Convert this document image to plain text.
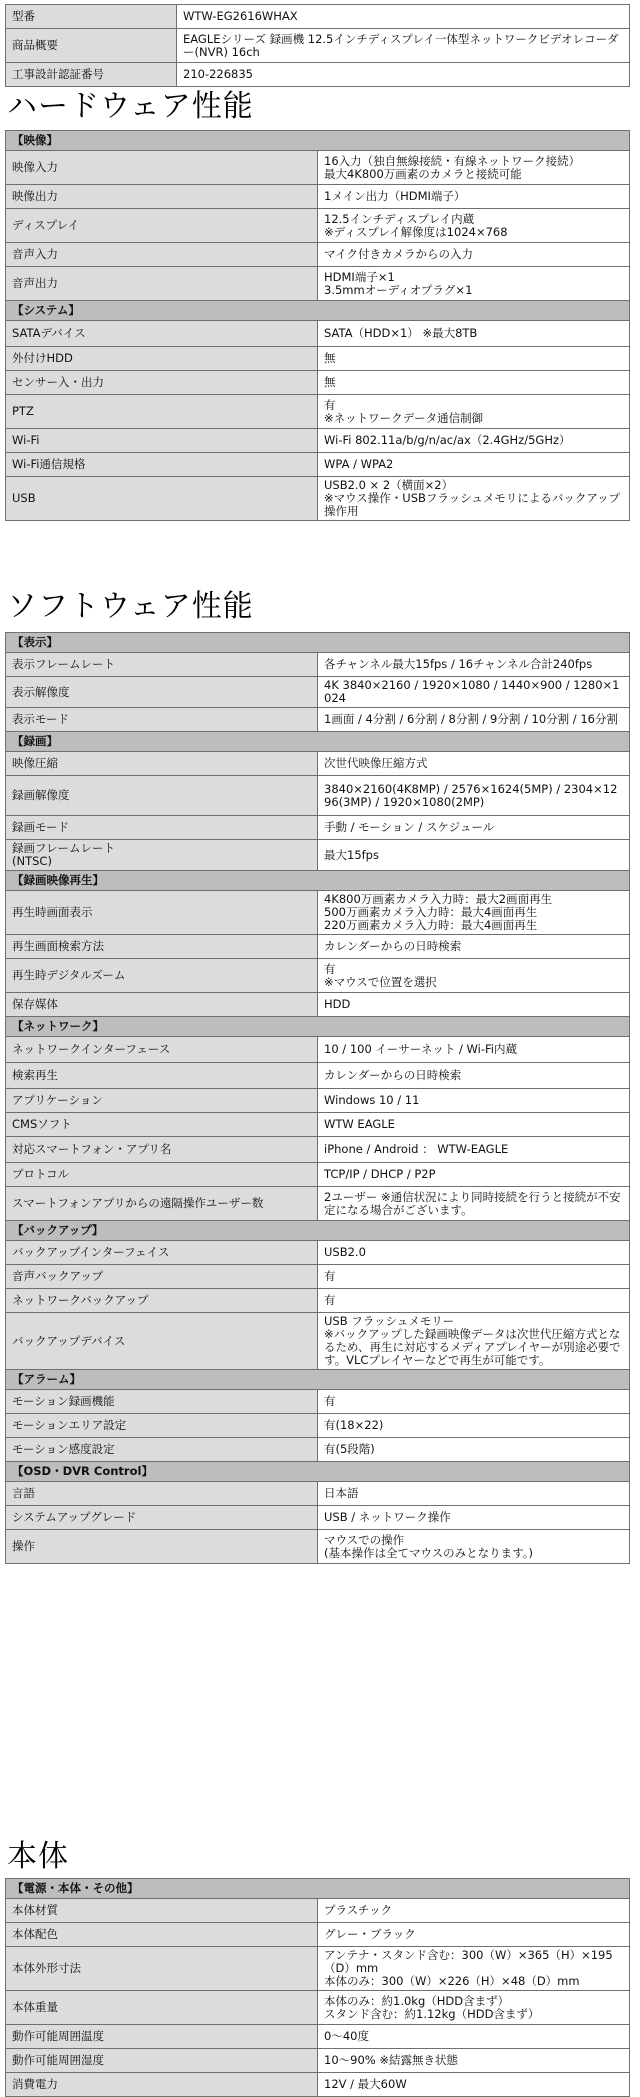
型番	WTW-EG2616WHAX
商品概要	EAGLEシリーズ 録画機 12.5インチディスプレイ一体型ネットワークビデオレコーダー(NVR) 16ch
工事設計認証番号	210-226835
ハードウェア性能
【映像】	
映像入力	16入力（独自無線接続・有線ネットワーク接続）
最大4K800万画素のカメラと接続可能
映像出力	1メイン出力（HDMI端子）
ディスプレイ	12.5インチディスプレイ内蔵
※ディスプレイ解像度は1024×768
音声入力	マイク付きカメラからの入力
音声出力	HDMI端子×1
3.5mmオーディオプラグ×1
【システム】	
SATAデバイス	SATA（HDD×1） ※最大8TB
外付けHDD	無
センサー入・出力	無
PTZ	有
※ネットワークデータ通信制御
Wi-Fi	Wi-Fi 802.11a/b/g/n/ac/ax（2.4GHz/5GHz）
Wi-Fi通信規格	WPA / WPA2
USB	USB2.0 × 2（横面×2）
※マウス操作・USBフラッシュメモリによるバックアップ操作用
ソフトウェア性能
【表示】	
表示フレームレート	各チャンネル最大15fps / 16チャンネル合計240fps
表示解像度	4K 3840×2160 / 1920×1080 / 1440×900 / 1280×1024
表示モード	1画面 / 4分割 / 6分割 / 8分割 / 9分割 / 10分割 / 16分割
【録画】	
映像圧縮	次世代映像圧縮方式
録画解像度	3840×2160(4K8MP) / 2576×1624(5MP) / 2304×1296(3MP) / 1920×1080(2MP)
録画モード	手動 / モーション / スケジュール
録画フレームレート
(NTSC)	最大15fps
【録画映像再生】	
再生時画面表示	4K800万画素カメラ入力時：最大2画面再生
500万画素カメラ入力時：最大4画面再生
220万画素カメラ入力時：最大4画面再生
再生画面検索方法	カレンダーからの日時検索
再生時デジタルズーム	有
※マウスで位置を選択
保存媒体	HDD
【ネットワーク】	
ネットワークインターフェース	10 / 100 イーサーネット / Wi-Fi内蔵
検索再生	カレンダーからの日時検索
アプリケーション	Windows 10 / 11
CMSソフト	WTW EAGLE
対応スマートフォン・アプリ名	iPhone / Android ： WTW-EAGLE
プロトコル	TCP/IP / DHCP / P2P
スマートフォンアプリからの遠隔操作ユーザー数	2ユーザー ※通信状況により同時接続を行うと接続が不安定になる場合がございます。
【バックアップ】	
バックアップインターフェイス	USB2.0
音声バックアップ	有
ネットワークバックアップ	有
バックアップデバイス	USB フラッシュメモリー
※バックアップした録画映像データは次世代圧縮方式となるため、再生に対応するメディアプレイヤーが別途必要です。VLCプレイヤーなどで再生が可能です。
【アラーム】	
モーション録画機能	有
モーションエリア設定	有(18×22)
モーション感度設定	有(5段階)
【OSD・DVR Control】	
言語	日本語
システムアップグレード	USB / ネットワーク操作
操作	マウスでの操作
(基本操作は全てマウスのみとなります。)
本体
【電源・本体・その他】	
本体材質	プラスチック
本体配色	グレー・ブラック
本体外形寸法	アンテナ・スタンド含む：300（W）×365（H）×195（D）mm
本体のみ：300（W）×226（H）×48（D）mm
本体重量	本体のみ：約1.0kg（HDD含まず）
スタンド含む：約1.12kg（HDD含まず）
動作可能周囲温度	0〜40度
動作可能周囲湿度	10〜90% ※結露無き状態
消費電力	12V / 最大60W
